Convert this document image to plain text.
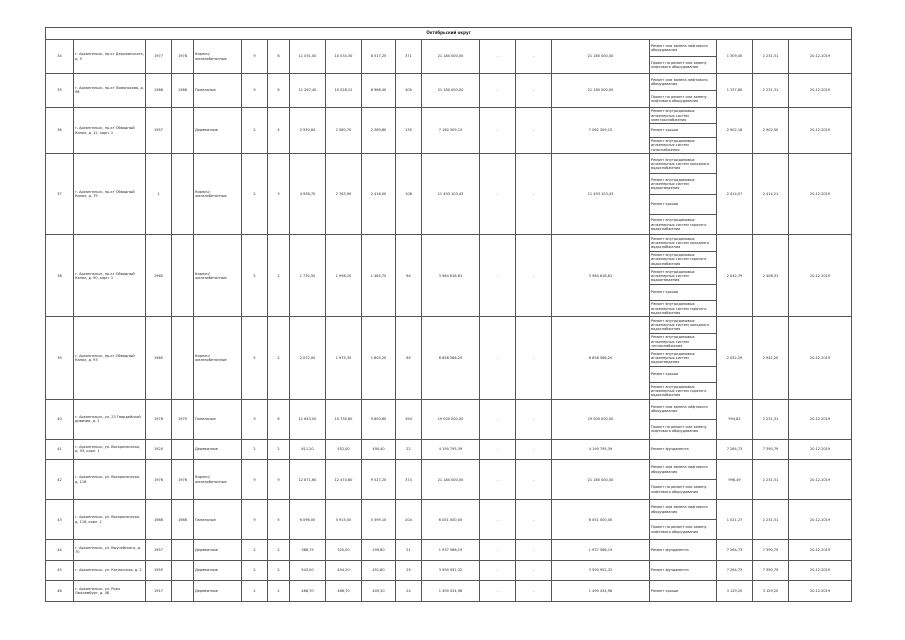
Октябрьский округ																		
34	г. Архангельск, пр-кт Дзержинского, д. 9	1977	1978	Кирпич/ железобетонные	9	6	11 031,00	10 034,30	8 517,25	371	21 180 000,00	-	-	21 180 000,00	Ремонт или замена лифтового оборудования	1 309,40	2 231,31	20.12.2019
															Проект на ремонт или замену лифтового оборудования			
35	г. Архангельск, пр-кт Ломоносова, д. 98	1986	1986	Панельные	9	6	11 267,40	10 028,12	8 966,40	405	21 180 000,00	-	-	21 180 000,00	Ремонт или замена лифтового оборудования	1 337,80	2 231,31	20.12.2019
															Проект на ремонт или замену лифтового оборудования			
36	г. Архангельск, пр-кт Обводный Канал, д. 12, корп. 1	1957		Деревянные	2	4	2 530,84	2 580,70	2 369,80	135	7 160 309,15	-	-	7 062 309,15	Ремонт внутридомовых инженерных систем электроснабжения	2 902,16	2 902,50	20.12.2019
															Ремонт крыши			
															Ремонт внутридомовых инженерных систем газоснабжения			
37	г. Архангельск, пр-кт Обводный Канал, д. 79	1		Кирпич/ железобетонные	2	3	4 938,70	2 763,90	2 416,00	108	11 493 103,43	-	-	11 493 103,43	Ремонт внутридомовых инженерных систем холодного водоснабжения	2 414,07	2 414,21	20.12.2019
															Ремонт внутридомовых инженерных систем водоотведения			
															Ремонт крыши			
															Ремонт внутридомовых инженерных систем горячего водоснабжения			
38	г. Архангельск, пр-кт Обводный Канал, д. 90, корп. 1	1960		Кирпич/ железобетонные	5	2	1 730,50	1 998,10	1 484,70	64	3 984 618,61	-	-	3 984 618,61	Ремонт внутридомовых инженерных систем холодного водоснабжения	2 042,79	2 408,31	20.12.2019
															Ремонт внутридомовых инженерных систем горячего водоснабжения			
															Ремонт внутридомовых инженерных систем водоотведения			
															Ремонт крыши			
															Ремонт внутридомовых инженерных систем горячего водоснабжения			
39	г. Архангельск, пр-кт Обводный Канал, д. 93	1965		Кирпич/ железобетонные	5	2	2 072,00	1 975,30	1 805,20	85	6 658 566,20	-	-	6 658 566,20	Ремонт внутридомовых инженерных систем холодного водоснабжения	2 052,29	2 942,20	20.12.2019
															Ремонт внутридомовых инженерных систем теплоснабжения			
															Ремонт внутридомовых инженерных систем водоотведения			
															Ремонт крыши			
															Ремонт внутридомовых инженерных систем горячего водоснабжения			
40	г. Архангельск, ул. 23 Гвардейской дивизии, д. 1	1978	1979	Панельные	9	6	11 643,00	10 730,60	9 800,60	394	19 000 000,00	-	-	19 000 000,00	Ремонт или замена лифтового оборудования	994,82	2 231,31	20.12.2019
															Проект на ремонт или замену лифтового оборудования			
41	г. Архангельск, ул. Воскресенская, д. 93, корп. 1	1920		Деревянные	2	2	611,20	552,00	490,40	22	4 190 795,39	-	-	4 190 795,39	Ремонт фундамента	7 264,73	7 390,79	20.12.2019
42	г. Архангельск, ул. Воскресенская, д. 116	1976	1976	Кирпич/ железобетонные	9	9	12 871,60	12 474,60	9 527,20	374	21 180 000,00	-	-	21 180 000,00	Ремонт или замена лифтового оборудования	996,49	2 231,31	20.12.2019
															Проект на ремонт или замену лифтового оборудования			
43	г. Архангельск, ул. Воскресенская, д. 116, корп. 2	1986	1986	Панельные	9	5	6 096,00	5 915,50	5 399,10	204	6 051 000,00	-	-	6 051 000,00	Ремонт или замена лифтового оборудования	1 021,27	2 231,31	20.12.2019
															Проект на ремонт или замену лифтового оборудования			
44	г. Архангельск, ул. Выучейского, д. 70	1957		Деревянные	2	2	386,75	320,00	299,80	21	1 937 566,19	-	-	1 937 566,19	Ремонт фундамента	7 264,73	7 390,79	20.12.2019
45	г. Архангельск, ул. Котласская, д. 2	1955		Деревянные	2	2	543,00	494,20	451,80	25	3 590 952,32	-	-	3 590 952,32	Ремонт фундамента	7 264,73	7 390,79	20.12.2019
46	г. Архангельск, ул. Розы Люксембург, д. 48	1917		Деревянные	2	2	466,70	466,70	405,10	24	1 490 434,98	-	-	1 490 434,98	Ремонт крыши	3 129,20	3 129,20	20.12.2019
